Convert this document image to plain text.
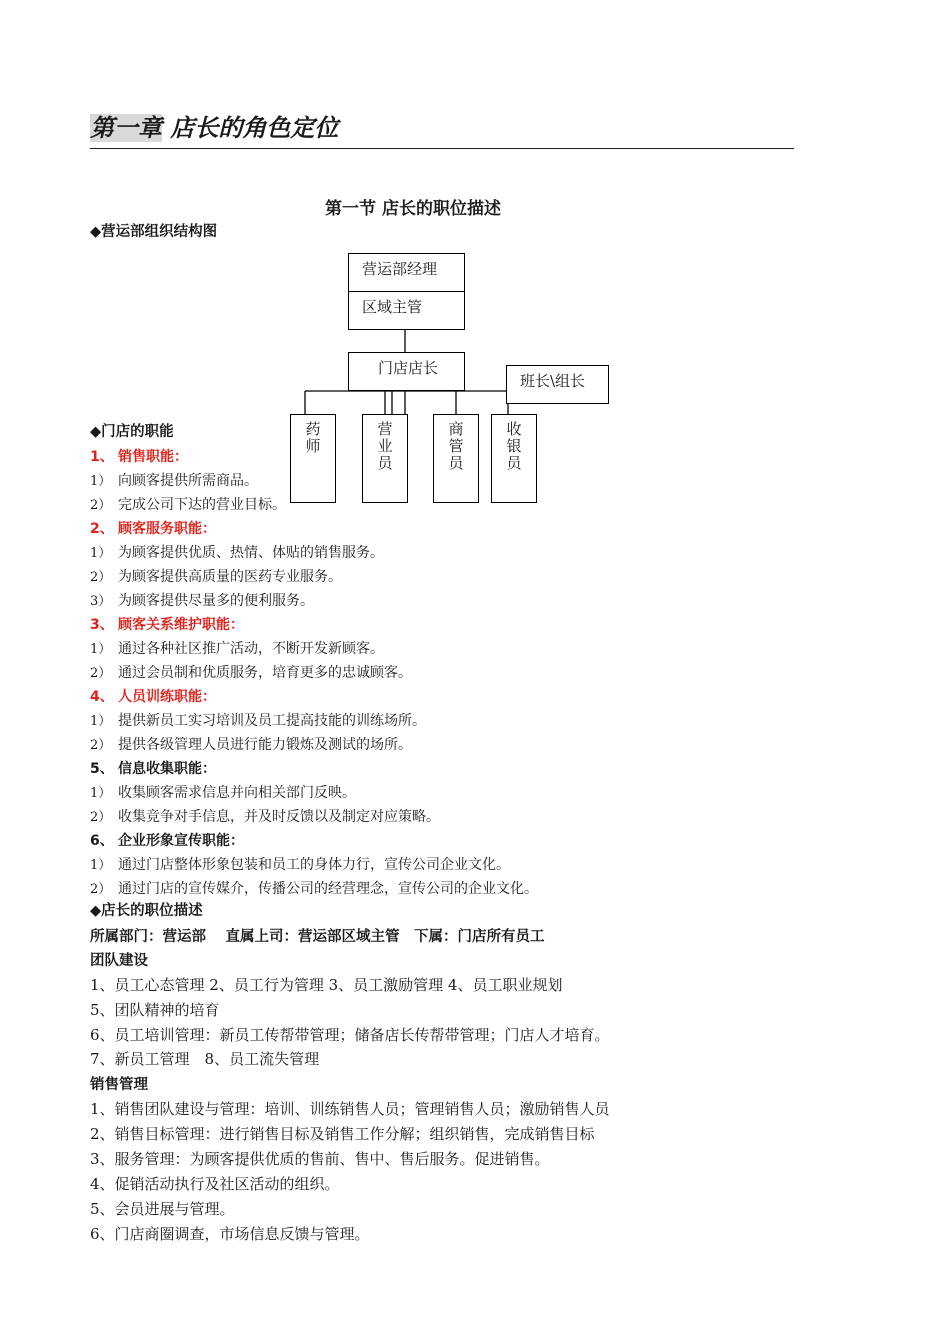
第一章 店长的角色定位
第一节 店长的职位描述
◆营运部组织结构图
营运部经理
区域主管
门店店长
班长\组长
药师
营业员
商管员
收银员
◆门店的职能
1、 销售职能：
1） 向顾客提供所需商品。
2） 完成公司下达的营业目标。
2、 顾客服务职能：
1） 为顾客提供优质、热情、体贴的销售服务。
2） 为顾客提供高质量的医药专业服务。
3） 为顾客提供尽量多的便利服务。
3、 顾客关系维护职能：
1） 通过各种社区推广活动，不断开发新顾客。
2） 通过会员制和优质服务，培育更多的忠诚顾客。
4、 人员训练职能：
1） 提供新员工实习培训及员工提高技能的训练场所。
2） 提供各级管理人员进行能力锻炼及测试的场所。
5、 信息收集职能：
1） 收集顾客需求信息并向相关部门反映。
2） 收集竞争对手信息，并及时反馈以及制定对应策略。
6、 企业形象宣传职能：
1） 通过门店整体形象包装和员工的身体力行，宣传公司企业文化。
2） 通过门店的宣传媒介，传播公司的经营理念，宣传公司的企业文化。
◆店长的职位描述
所属部门：营运部　 直属上司：营运部区域主管　下属：门店所有员工
团队建设
1、员工心态管理 2、员工行为管理 3、员工激励管理 4、员工职业规划
5、团队精神的培育
6、员工培训管理：新员工传帮带管理；储备店长传帮带管理；门店人才培育。
7、新员工管理　8、员工流失管理
销售管理
1、销售团队建设与管理：培训、训练销售人员；管理销售人员；激励销售人员
2、销售目标管理：进行销售目标及销售工作分解；组织销售，完成销售目标
3、服务管理：为顾客提供优质的售前、售中、售后服务。促进销售。
4、促销活动执行及社区活动的组织。
5、会员进展与管理。
6、门店商圈调查，市场信息反馈与管理。
